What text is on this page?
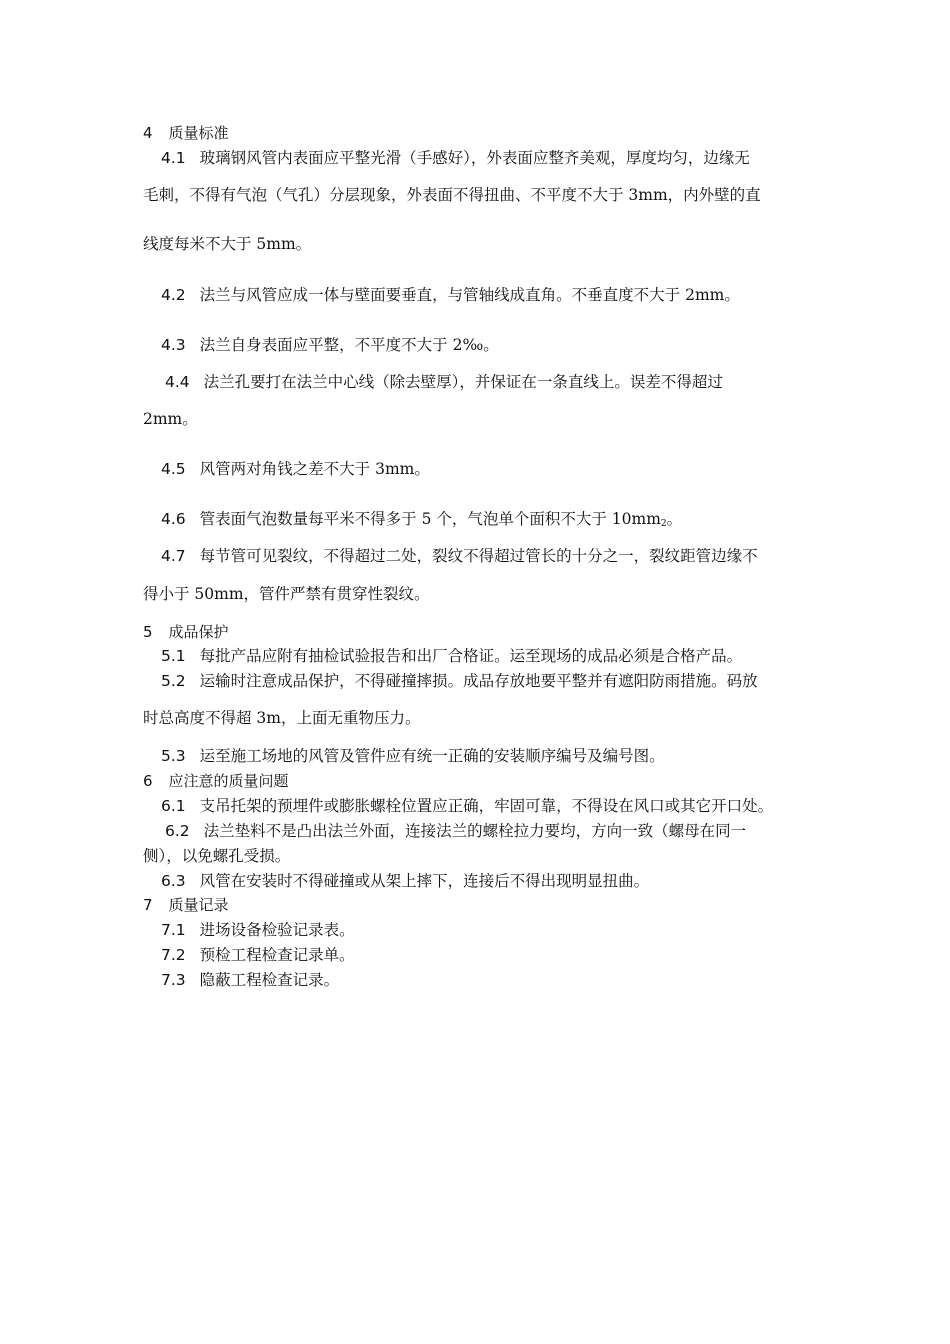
4 质量标准
4.1 玻璃钢风管内表面应平整光滑（手感好），外表面应整齐美观，厚度均匀，边缘无
毛刺，不得有气泡（气孔）分层现象，外表面不得扭曲、不平度不大于 3mm，内外壁的直
线度每米不大于 5mm。
4.2 法兰与风管应成一体与壁面要垂直，与管轴线成直角。不垂直度不大于 2mm。
4.3 法兰自身表面应平整，不平度不大于 2‰。
4.4 法兰孔要打在法兰中心线（除去壁厚），并保证在一条直线上。误差不得超过
2mm。
4.5 风管两对角钱之差不大于 3mm。
4.6 管表面气泡数量每平米不得多于 5 个，气泡单个面积不大于 $10mm_2$。
4.7 每节管可见裂纹，不得超过二处，裂纹不得超过管长的十分之一，裂纹距管边缘不
得小于 50mm，管件严禁有贯穿性裂纹。
5 成品保护
5.1 每批产品应附有抽检试验报告和出厂合格证。运至现场的成品必须是合格产品。
5.2 运输时注意成品保护，不得碰撞摔损。成品存放地要平整并有遮阳防雨措施。码放
时总高度不得超 3m，上面无重物压力。
5.3 运至施工场地的风管及管件应有统一正确的安装顺序编号及编号图。
6 应注意的质量问题
6.1 支吊托架的预埋件或膨胀螺栓位置应正确，牢固可靠，不得设在风口或其它开口处。
6.2 法兰垫料不是凸出法兰外面，连接法兰的螺栓拉力要均，方向一致（螺母在同一
侧），以免螺孔受损。
6.3 风管在安装时不得碰撞或从架上摔下，连接后不得出现明显扭曲。
7 质量记录
7.1 进场设备检验记录表。
7.2 预检工程检查记录单。
7.3 隐蔽工程检查记录。
